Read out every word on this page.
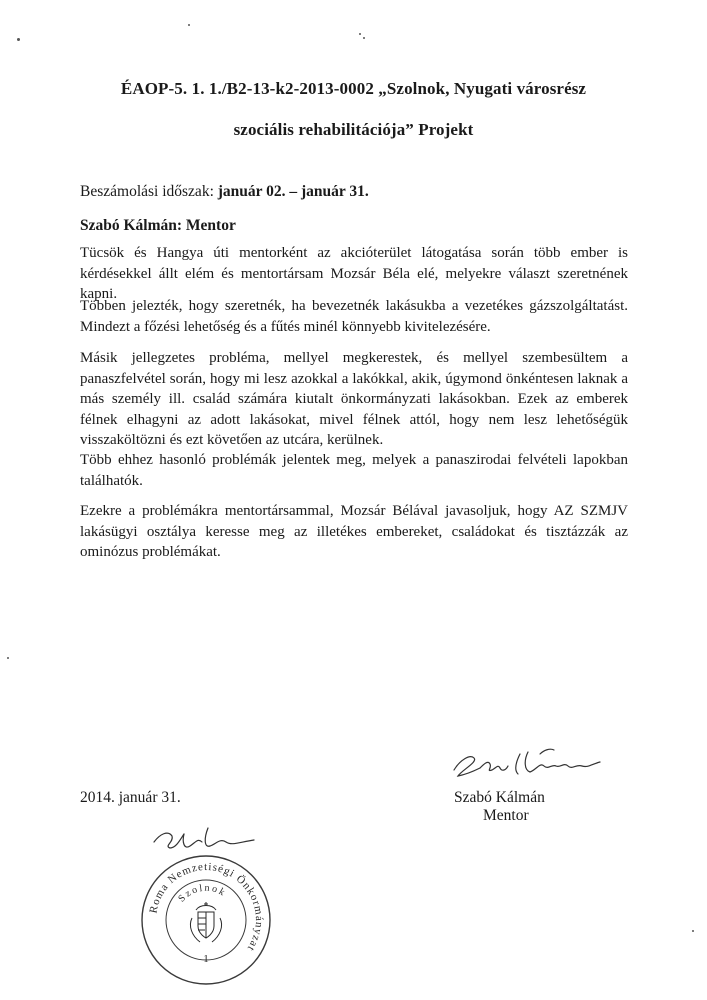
ÉAOP-5. 1. 1./B2-13-k2-2013-0002 „Szolnok, Nyugati városrész
szociális rehabilitációja” Projekt
Beszámolási időszak: január 02. – január 31.
Szabó Kálmán: Mentor

Tücsök és Hangya úti mentorként az akcióterület látogatása során több ember is kérdésekkel állt elém és mentortársam Mozsár Béla elé, melyekre választ szeretnének kapni.

Többen jelezték, hogy szeretnék, ha bevezetnék lakásukba a vezetékes gázszolgáltatást. Mindezt a főzési lehetőség és a fűtés minél könnyebb kivitelezésére.

Másik jellegzetes probléma, mellyel megkerestek, és mellyel szembesültem a panaszfelvétel során, hogy mi lesz azokkal a lakókkal, akik, úgymond önkéntesen laknak a más személy ill. család számára kiutalt önkormányzati lakásokban. Ezek az emberek félnek elhagyni az adott lakásokat, mivel félnek attól, hogy nem lesz lehetőségük visszaköltözni és ezt követően az utcára, kerülnek.

Több ehhez hasonló problémák jelentek meg, melyek a panaszirodai felvételi lapokban találhatók.

Ezekre a problémákra mentortársammal, Mozsár Bélával javasoljuk, hogy AZ SZMJV lakásügyi osztálya keresse meg az illetékes embereket, családokat és tisztázzák az ominózus problémákat.

2014. január 31.	Szabó Kálmán
Mentor
Roma Nemzetiségi Önkormányzat
Szolnok
1
